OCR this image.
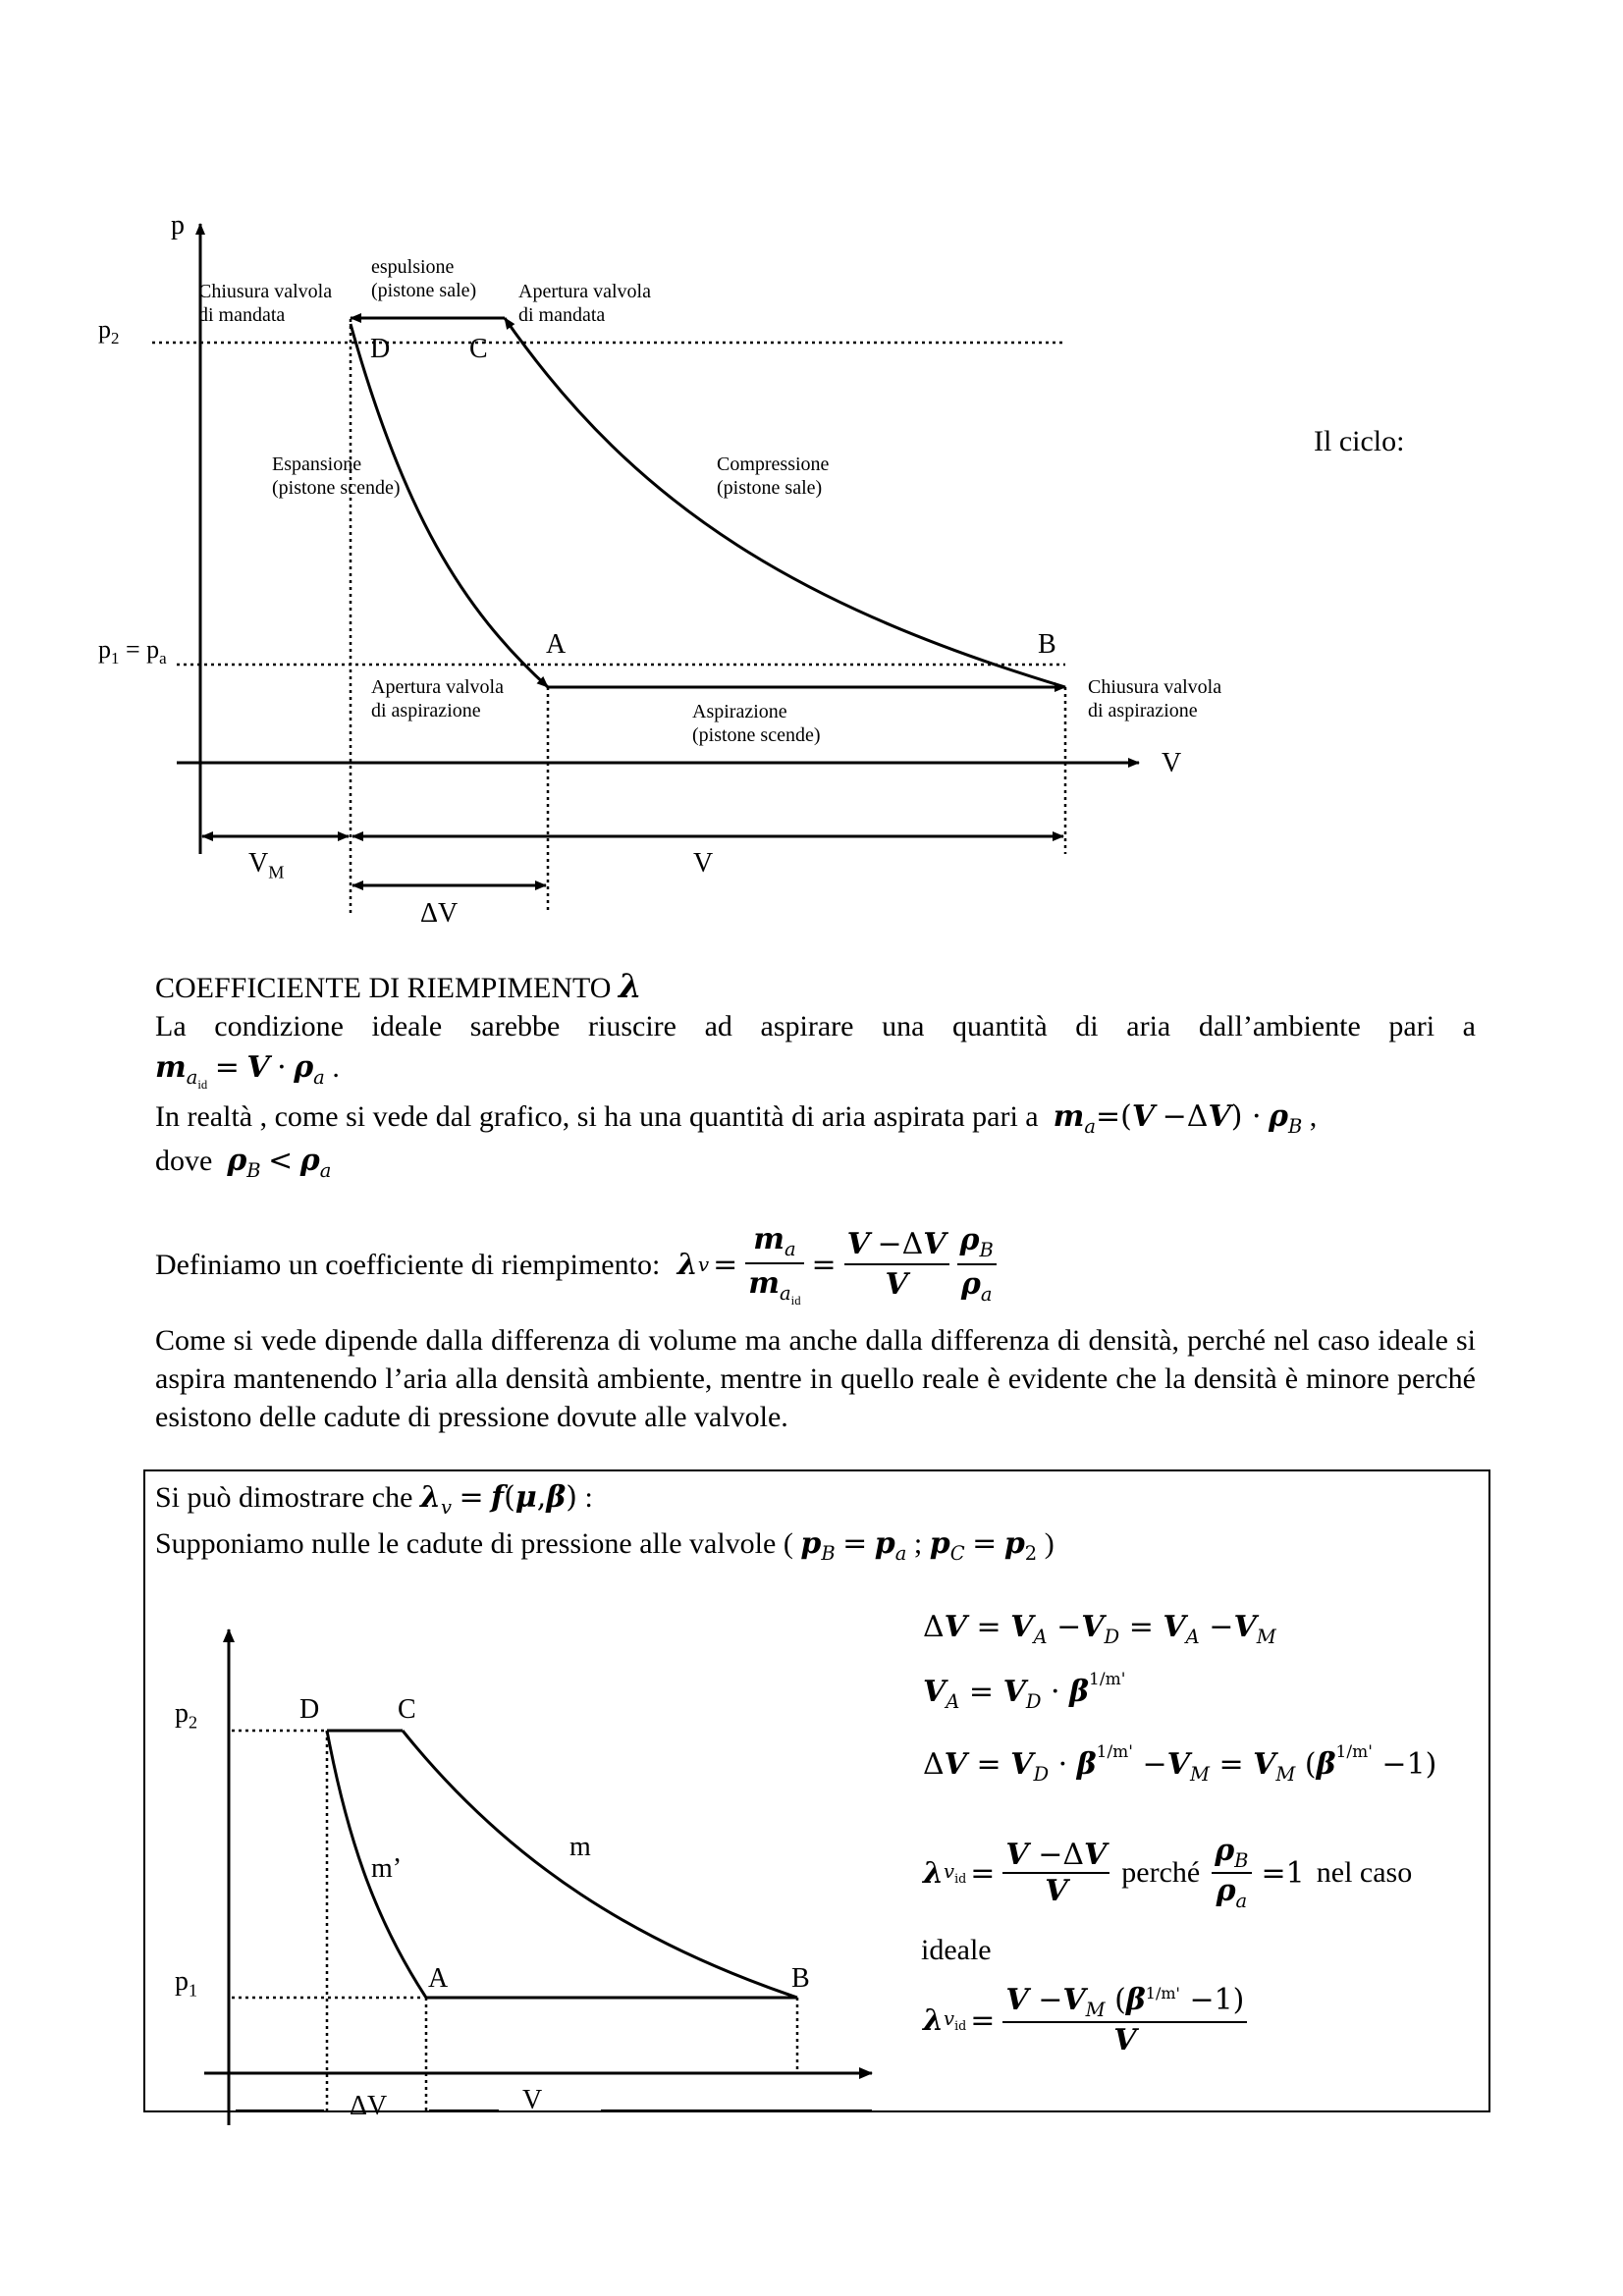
p
V
$p_2$
$p_1 = p_a$
D	C
A	B
Chiusura valvola
di mandata
espulsione
(pistone sale) Apertura valvola
di mandata
Espansione
(pistone scende)
Compressione
(pistone sale)
Apertura valvola
di aspirazione	Aspirazione
(pistone scende)
Chiusura valvola
di aspirazione
$V_M$	V
ΔV
Il ciclo:
COEFFICIENTE DI RIEMPIMENTO λ
La condizione ideale sarebbe riuscire ad aspirare una quantità di aria dall’ambiente pari a
$m_{a_{id}} = V \cdot \rho_a$ .
In realtà , come si vede dal grafico, si ha una quantità di aria aspirata pari a $m_a=(V -\Delta V) \cdot \rho_B$ ,
dove $\rho_B < \rho_a$
Definiamo un coefficiente di riempimento:
λ $v = \frac{m_a}{m_{a_{id}}} = \frac{V -\Delta V}{V} \frac{\rho_B}{\rho_a}$
Come si vede dipende dalla differenza di volume ma anche dalla differenza di densità, perché nel caso ideale si aspira mantenendo l’aria alla densità ambiente, mentre in quello reale è evidente che la densità è minore perché esistono delle cadute di pressione dovute alle valvole.
Si può dimostrare che $\lambda_v = f(\mu,\beta)$ :
Supponiamo nulle le cadute di pressione alle valvole ( $p_B = p_a$ ; $p_C = p_2$ )
$p_2$
$p_1$
D	C
A	B
m’
m
ΔV	V
$\Delta V = V_A -V_D = V_A -V_M$
$V_A = V_D \cdot \beta^{1/m'}$
$\Delta V = V_D \cdot \beta^{1/m'} -V_M = V_M$ $(\beta^{1/m'} -1)$
λ $v_{id} = \frac{V -\Delta V}{V}$ perché $\frac{\rho_B}{\rho_a} =1$ nel caso
ideale
λ $v_{id} = \frac{V -V_M (\beta^{1/m'} -1)}{V}$
